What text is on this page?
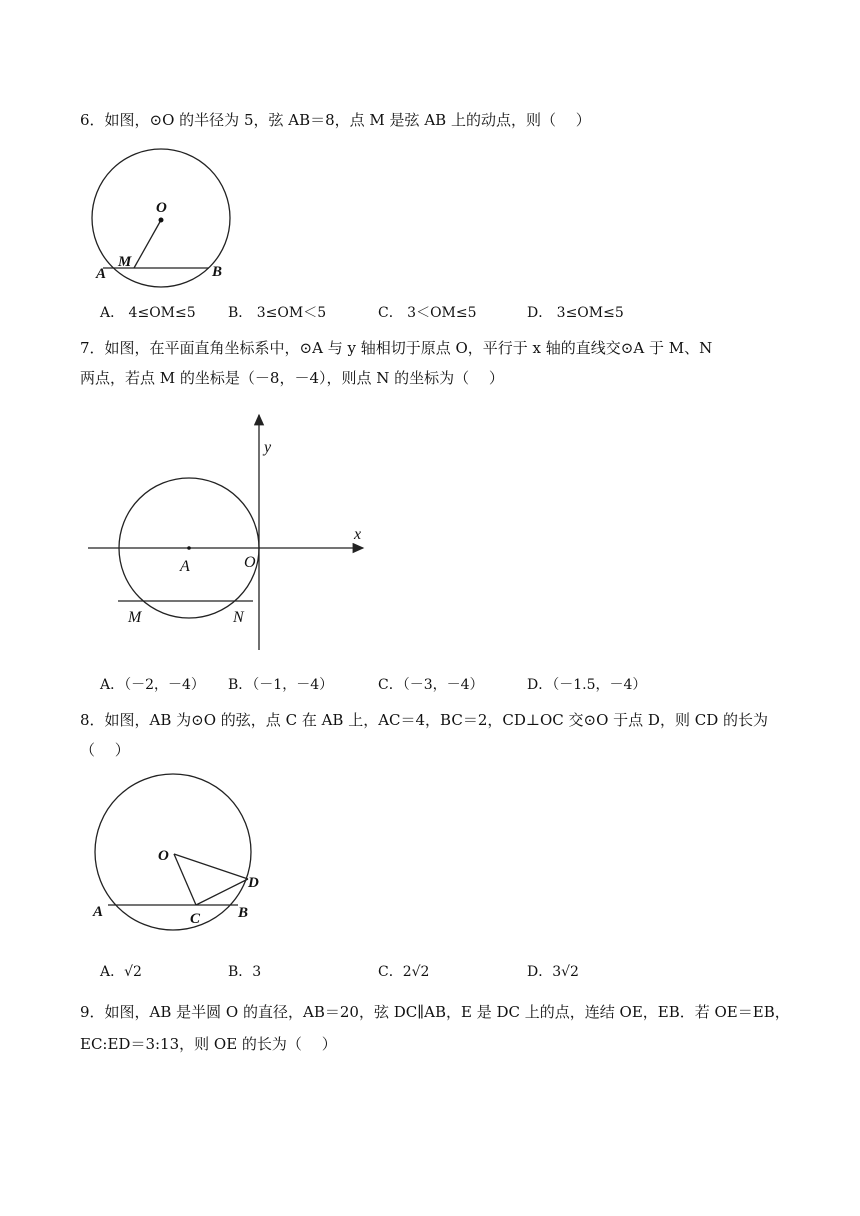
6．如图，⊙O 的半径为 5，弦 AB＝8，点 M 是弦 AB 上的动点，则（　 ）
O
M
A	B
A． 4≤OM≤5 B． 3≤OM＜5	C． 3＜OM≤5	D． 3≤OM≤5
7．如图，在平面直角坐标系中，⊙A 与 y 轴相切于原点 O，平行于 x 轴的直线交⊙A 于 M、N
两点，若点 M 的坐标是（－8，－4），则点 N 的坐标为（　 ）
y
x
A	O
M	N
A．（－2，－4） B．（－1，－4）	C．（－3，－4）	D．（－1.5，－4）
8．如图，AB 为⊙O 的弦，点 C 在 AB 上，AC＝4，BC＝2，CD⊥OC 交⊙O 于点 D，则 CD 的长为
（　 ）
O
D
A	C	B
A．√2	B．3	C．2√2	D．3√2
9．如图，AB 是半圆 O 的直径，AB＝20，弦 DC∥AB，E 是 DC 上的点，连结 OE，EB．若 OE＝EB，
EC:ED＝3:13，则 OE 的长为（　 ）
